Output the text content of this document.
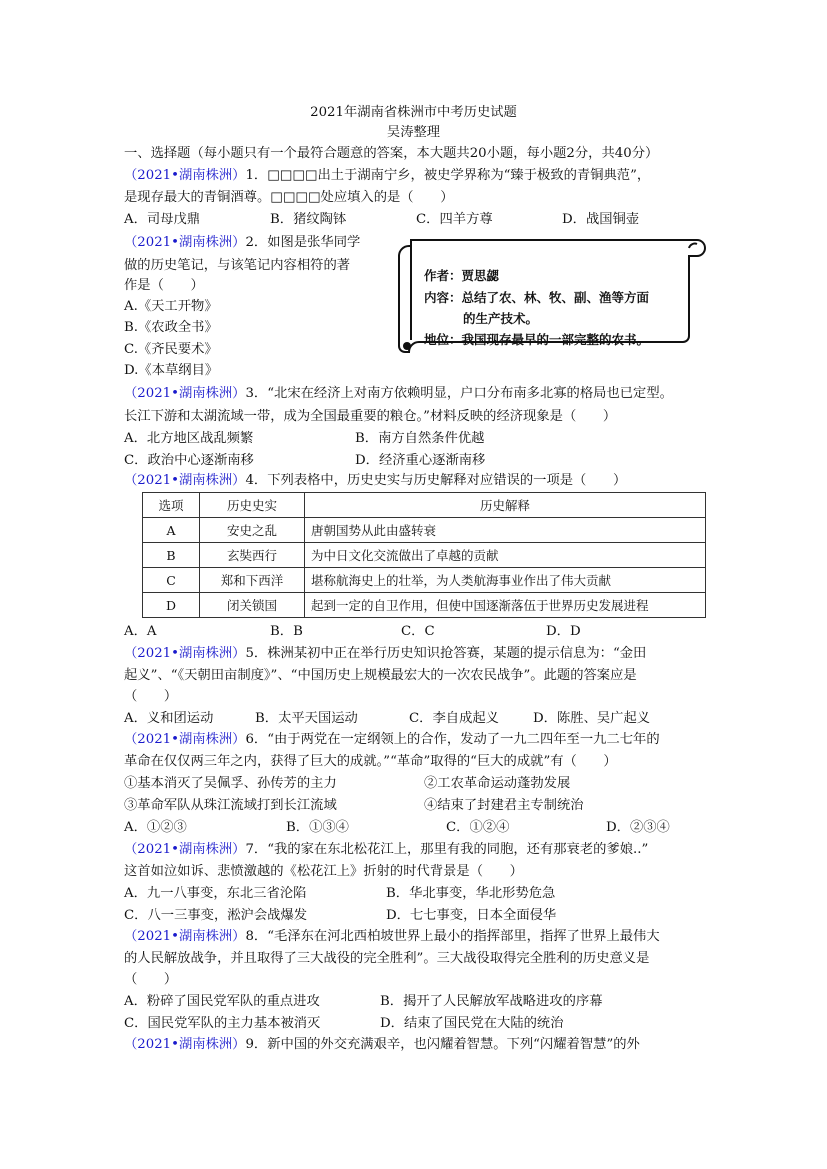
2021年湖南省株洲市中考历史试题
吴涛整理
一、选择题（每小题只有一个最符合题意的答案，本大题共20小题，每小题2分，共40分）
（2021•湖南株洲）1．□□□□出土于湖南宁乡，被史学界称为“臻于极致的青铜典范”，
是现存最大的青铜酒尊。□□□□处应填入的是（　　）
A．司母戊鼎	B．猪纹陶钵	C．四羊方尊	D．战国铜壶
（2021•湖南株洲）2．如图是张华同学
做的历史笔记，与该笔记内容相符的著
作是（　　）
A.《天工开物》
B.《农政全书》
C.《齐民要术》
D.《本草纲目》
作者：贾思勰
内容：总结了农、林、牧、副、渔等方面
的生产技术。
地位：我国现存最早的一部完整的农书。
（2021•湖南株洲）3．“北宋在经济上对南方依赖明显，户口分布南多北寡的格局也已定型。
长江下游和太湖流域一带，成为全国最重要的粮仓。”材料反映的经济现象是（　　）
A．北方地区战乱频繁	B．南方自然条件优越
C．政治中心逐渐南移	D．经济重心逐渐南移
（2021•湖南株洲）4．下列表格中，历史史实与历史解释对应错误的一项是（　　）
选项	历史史实	历史解释
A	安史之乱	唐朝国势从此由盛转衰
B	玄奘西行	为中日文化交流做出了卓越的贡献
C	郑和下西洋	堪称航海史上的壮举，为人类航海事业作出了伟大贡献
D	闭关锁国	起到一定的自卫作用，但使中国逐渐落伍于世界历史发展进程
A．A	B．B	C．C	D．D
（2021•湖南株洲）5．株洲某初中正在举行历史知识抢答赛，某题的提示信息为：“金田
起义”、“《天朝田亩制度》”、“中国历史上规模最宏大的一次农民战争”。此题的答案应是
（　　）
A．义和团运动	B．太平天国运动	C．李自成起义	D．陈胜、吴广起义
（2021•湖南株洲）6．“由于两党在一定纲领上的合作，发动了一九二四年至一九二七年的
革命在仅仅两三年之内，获得了巨大的成就。”“革命”取得的“巨大的成就”有（　　）
①基本消灭了吴佩孚、孙传芳的主力	②工农革命运动蓬勃发展
③革命军队从珠江流域打到长江流域	④结束了封建君主专制统治
A．①②③	B．①③④	C．①②④	D．②③④
（2021•湖南株洲）7．“我的家在东北松花江上，那里有我的同胞，还有那衰老的爹娘..”
这首如泣如诉、悲愤激越的《松花江上》折射的时代背景是（　　）
A．九一八事变，东北三省沦陷	B．华北事变，华北形势危急
C．八一三事变，淞沪会战爆发	D．七七事变，日本全面侵华
（2021•湖南株洲）8．“毛泽东在河北西柏坡世界上最小的指挥部里，指挥了世界上最伟大
的人民解放战争，并且取得了三大战役的完全胜利”。三大战役取得完全胜利的历史意义是
（　　）
A．粉碎了国民党军队的重点进攻	B．揭开了人民解放军战略进攻的序幕
C．国民党军队的主力基本被消灭	D．结束了国民党在大陆的统治
（2021•湖南株洲）9．新中国的外交充满艰辛，也闪耀着智慧。下列“闪耀着智慧”的外
